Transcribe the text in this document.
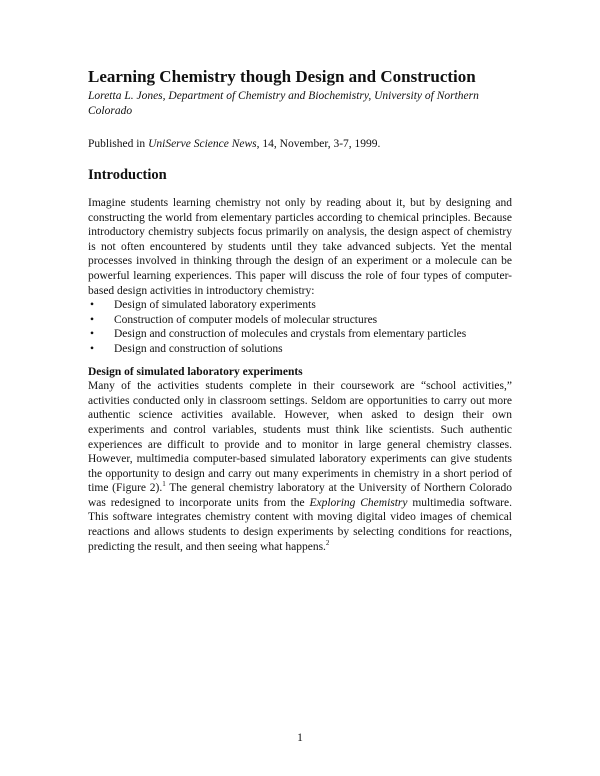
Learning Chemistry though Design and Construction

Loretta L. Jones, Department of Chemistry and Biochemistry, University of Northern Colorado

Published in UniServe Science News, 14, November, 3-7, 1999.

Introduction

Imagine students learning chemistry not only by reading about it, but by designing and constructing the world from elementary particles according to chemical principles. Because introductory chemistry subjects focus primarily on analysis, the design aspect of chemistry is not often encountered by students until they take advanced subjects. Yet the mental processes involved in thinking through the design of an experiment or a molecule can be powerful learning experiences. This paper will discuss the role of four types of computer-based design activities in introductory chemistry:

• Design of simulated laboratory experiments
• Construction of computer models of molecular structures
• Design and construction of molecules and crystals from elementary particles
• Design and construction of solutions
Design of simulated laboratory experiments

Many of the activities students complete in their coursework are “school activities,” activities conducted only in classroom settings. Seldom are opportunities to carry out more authentic science activities available. However, when asked to design their own experiments and control variables, students must think like scientists. Such authentic experiences are difficult to provide and to monitor in large general chemistry classes. However, multimedia computer-based simulated laboratory experiments can give students the opportunity to design and carry out many experiments in chemistry in a short period of time (Figure 2).$^1$ The general chemistry laboratory at the University of Northern Colorado was redesigned to incorporate units from the Exploring Chemistry multimedia software. This software integrates chemistry content with moving digital video images of chemical reactions and allows students to design experiments by selecting conditions for reactions, predicting the result, and then seeing what happens.$^2$

1
